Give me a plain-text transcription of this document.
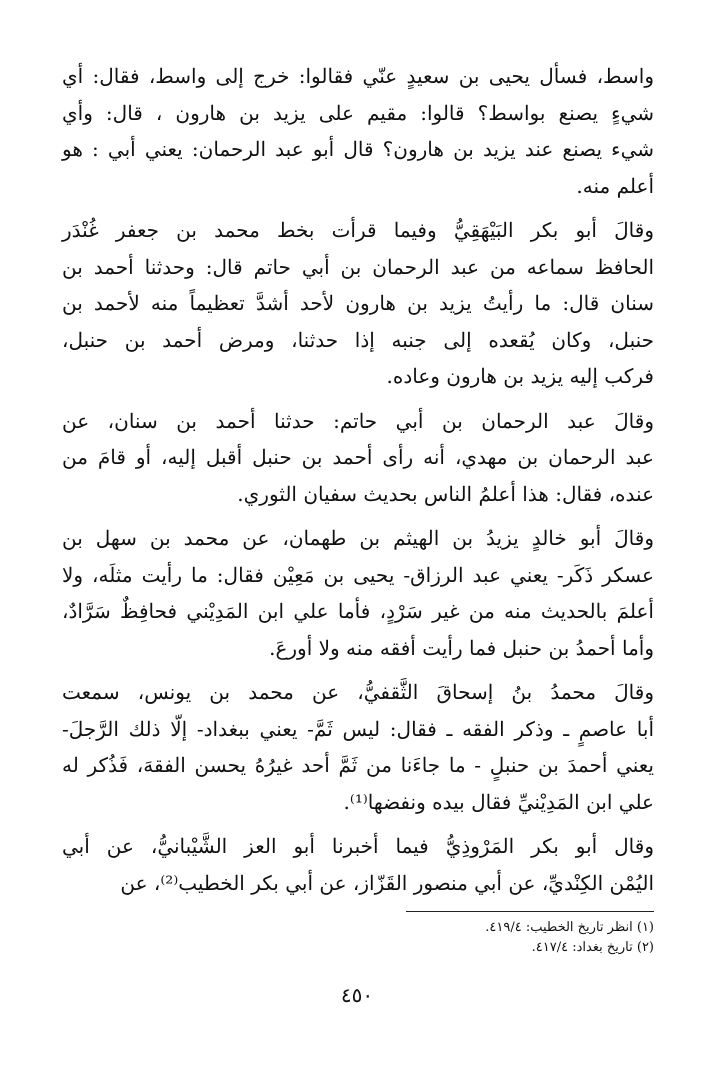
واسط، فسأل يحيى بن سعيدٍ عنّي فقالوا: خرج إلى واسط، فقال: أي
شيءٍ يصنع بواسط؟ قالوا: مقيم على يزيد بن هارون ، قال: وأي
شيء يصنع عند يزيد بن هارون؟ قال أبو عبد الرحمان: يعني أبي : هو
أعلم منه.

وقالَ أبو بكر البَيْهَقِيُّ وفيما قرأت بخط محمد بن جعفر غُنْدَر
الحافظ سماعه من عبد الرحمان بن أبي حاتم قال: وحدثنا أحمد بن
سنان قال: ما رأيتُ يزيد بن هارون لأحد أشدَّ تعظيماً منه لأحمد بن
حنبل، وكان يُقعده إلى جنبه إذا حدثنا، ومرض أحمد بن حنبل،
فركب إليه يزيد بن هارون وعاده.

وقالَ عبد الرحمان بن أبي حاتم: حدثنا أحمد بن سنان، عن
عبد الرحمان بن مهدي، أنه رأى أحمد بن حنبل أقبل إليه، أو قامَ من
عنده، فقال: هذا أعلمُ الناس بحديث سفيان الثوري.

وقالَ أبو خالدٍ يزيدُ بن الهيثم بن طهمان، عن محمد بن سهل بن
عسكر ذَكَر- يعني عبد الرزاق- يحيى بن مَعِيْن فقال: ما رأيت مثلَه، ولا
أعلمَ بالحديث منه من غير سَرْدٍ، فأما علي ابن المَدِيْني فحافِظٌ سَرَّادٌ،
وأما أحمدُ بن حنبل فما رأيت أفقه منه ولا أورعَ.

وقالَ محمدُ بنُ إسحاقَ الثَّقفيُّ، عن محمد بن يونس، سمعت
أبا عاصمٍ ـ وذكر الفقه ـ فقال: ليس ثَمَّ- يعني ببغداد- إلّا ذلك الرَّجلَ-
يعني أحمدَ بن حنبلٍ - ما جاءَنا من ثَمَّ أحد غيرُهُ يحسن الفقهَ، فَذُكر له
علي ابن المَدِيْنيِّ فقال بيده ونفضها⁽¹⁾.

وقال أبو بكر المَرْوذِيُّ فيما أخبرنا أبو العز الشَّيْبانيُّ، عن أبي
اليُمْن الكِنْديِّ، عن أبي منصور القَزّاز، عن أبي بكر الخطيب⁽²⁾، عن

(١) انظر تاريخ الخطيب: ٤١٩/٤.
(٢) تاريخ بغداد: ٤١٧/٤.
٤٥٠
